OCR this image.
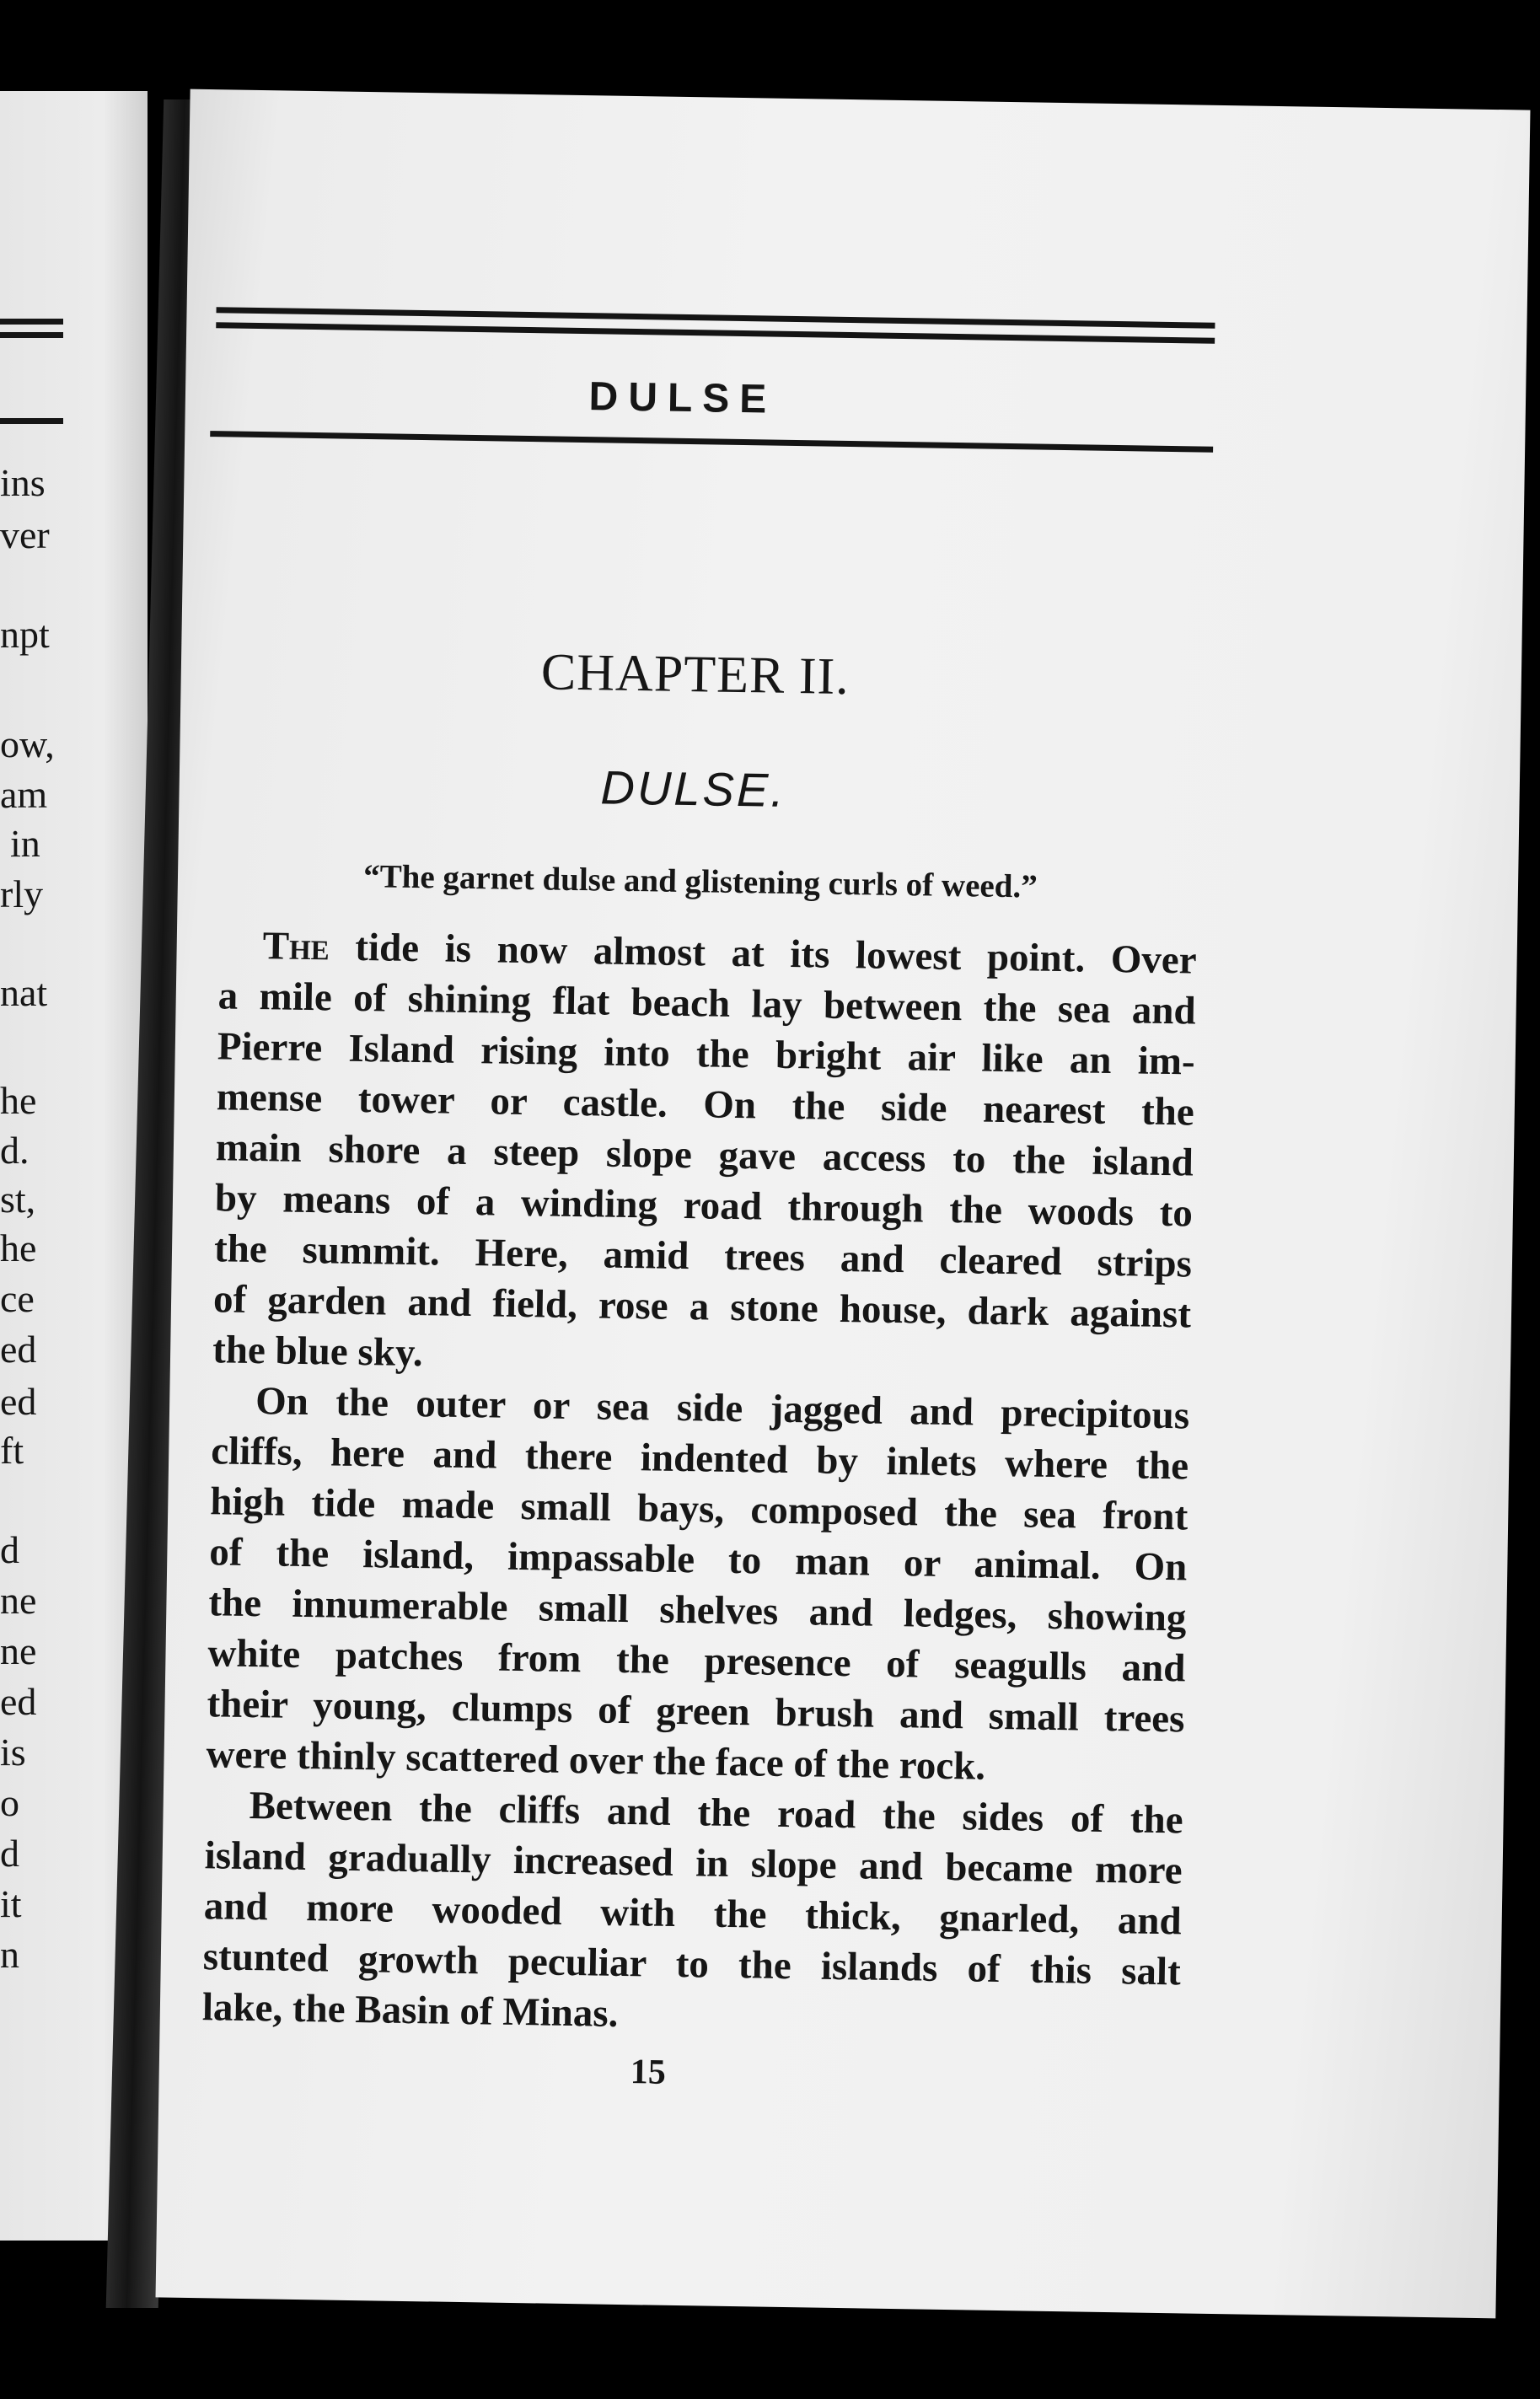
ins
ver
npt
ow,
am
in
rly
nat
he
d.
st,
he
ce
ed
ed
ft
d
ne
ne
ed
is
o
d
it
n
DULSE
CHAPTER II.
DULSE.
“The garnet dulse and glistening curls of weed.”
The tide is now almost at its lowest point. Over
a mile of shining flat beach lay between the sea and
Pierre Island rising into the bright air like an im-
mense tower or castle. On the side nearest the
main shore a steep slope gave access to the island
by means of a winding road through the woods to
the summit. Here, amid trees and cleared strips
of garden and field, rose a stone house, dark against
the blue sky.
On the outer or sea side jagged and precipitous
cliffs, here and there indented by inlets where the
high tide made small bays, composed the sea front
of the island, impassable to man or animal. On
the innumerable small shelves and ledges, showing
white patches from the presence of seagulls and
their young, clumps of green brush and small trees
were thinly scattered over the face of the rock.
Between the cliffs and the road the sides of the
island gradually increased in slope and became more
and more wooded with the thick, gnarled, and
stunted growth peculiar to the islands of this salt
lake, the Basin of Minas.
15
